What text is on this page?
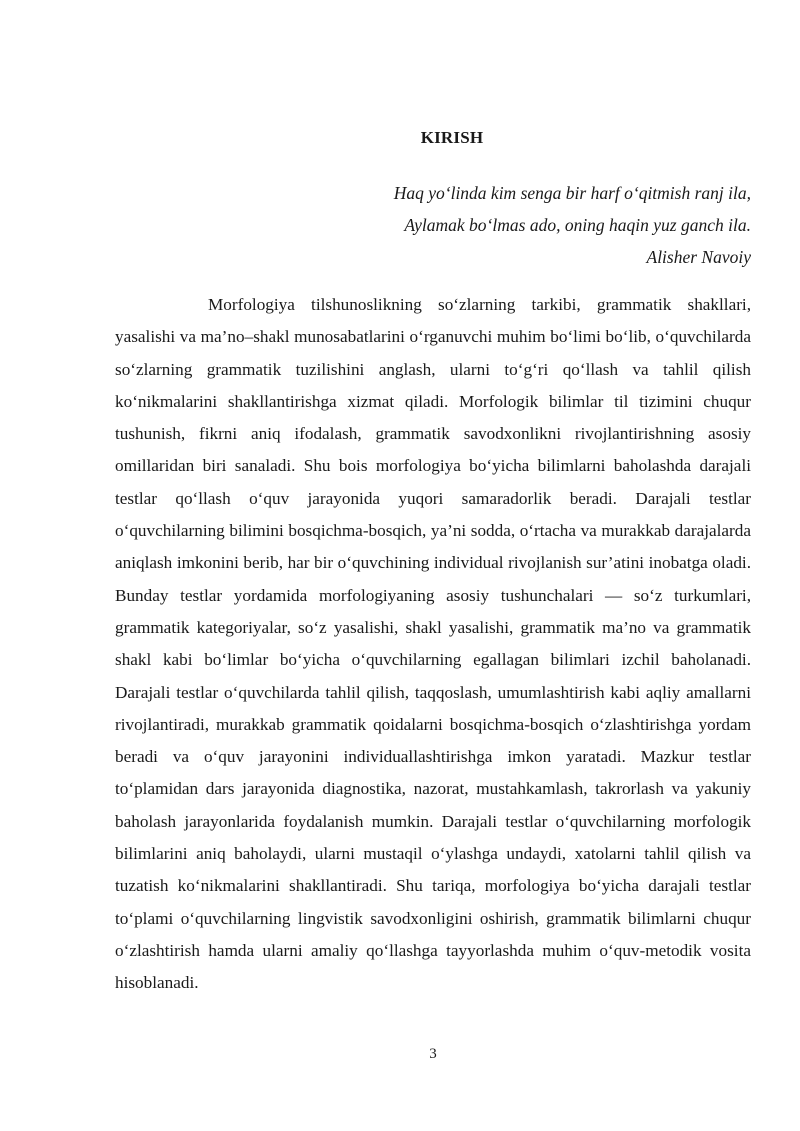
KIRISH
Haq yo‘linda kim senga bir harf o‘qitmish ranj ila,
Aylamak bo‘lmas ado, oning haqin yuz ganch ila.
Alisher Navoiy

Morfologiya tilshunoslikning so‘zlarning tarkibi, grammatik shakllari, yasalishi va ma’no–shakl munosabatlarini o‘rganuvchi muhim bo‘limi bo‘lib, o‘quvchilarda so‘zlarning grammatik tuzilishini anglash, ularni to‘g‘ri qo‘llash va tahlil qilish ko‘nikmalarini shakllantirishga xizmat qiladi. Morfologik bilimlar til tizimini chuqur tushunish, fikrni aniq ifodalash, grammatik savodxonlikni rivojlantirishning asosiy omillaridan biri sanaladi. Shu bois morfologiya bo‘yicha bilimlarni baholashda darajali testlar qo‘llash o‘quv jarayonida yuqori samaradorlik beradi. Darajali testlar o‘quvchilarning bilimini bosqichma-bosqich, ya’ni sodda, o‘rtacha va murakkab darajalarda aniqlash imkonini berib, har bir o‘quvchining individual rivojlanish sur’atini inobatga oladi. Bunday testlar yordamida morfologiyaning asosiy tushunchalari — so‘z turkumlari, grammatik kategoriyalar, so‘z yasalishi, shakl yasalishi, grammatik ma’no va grammatik shakl kabi bo‘limlar bo‘yicha o‘quvchilarning egallagan bilimlari izchil baholanadi. Darajali testlar o‘quvchilarda tahlil qilish, taqqoslash, umumlashtirish kabi aqliy amallarni rivojlantiradi, murakkab grammatik qoidalarni bosqichma-bosqich o‘zlashtirishga yordam beradi va o‘quv jarayonini individuallashtirishga imkon yaratadi. Mazkur testlar to‘plamidan dars jarayonida diagnostika, nazorat, mustahkamlash, takrorlash va yakuniy baholash jarayonlarida foydalanish mumkin. Darajali testlar o‘quvchilarning morfologik bilimlarini aniq baholaydi, ularni mustaqil o‘ylashga undaydi, xatolarni tahlil qilish va tuzatish ko‘nikmalarini shakllantiradi. Shu tariqa, morfologiya bo‘yicha darajali testlar to‘plami o‘quvchilarning lingvistik savodxonligini oshirish, grammatik bilimlarni chuqur o‘zlashtirish hamda ularni amaliy qo‘llashga tayyorlashda muhim o‘quv-metodik vosita hisoblanadi.

3
